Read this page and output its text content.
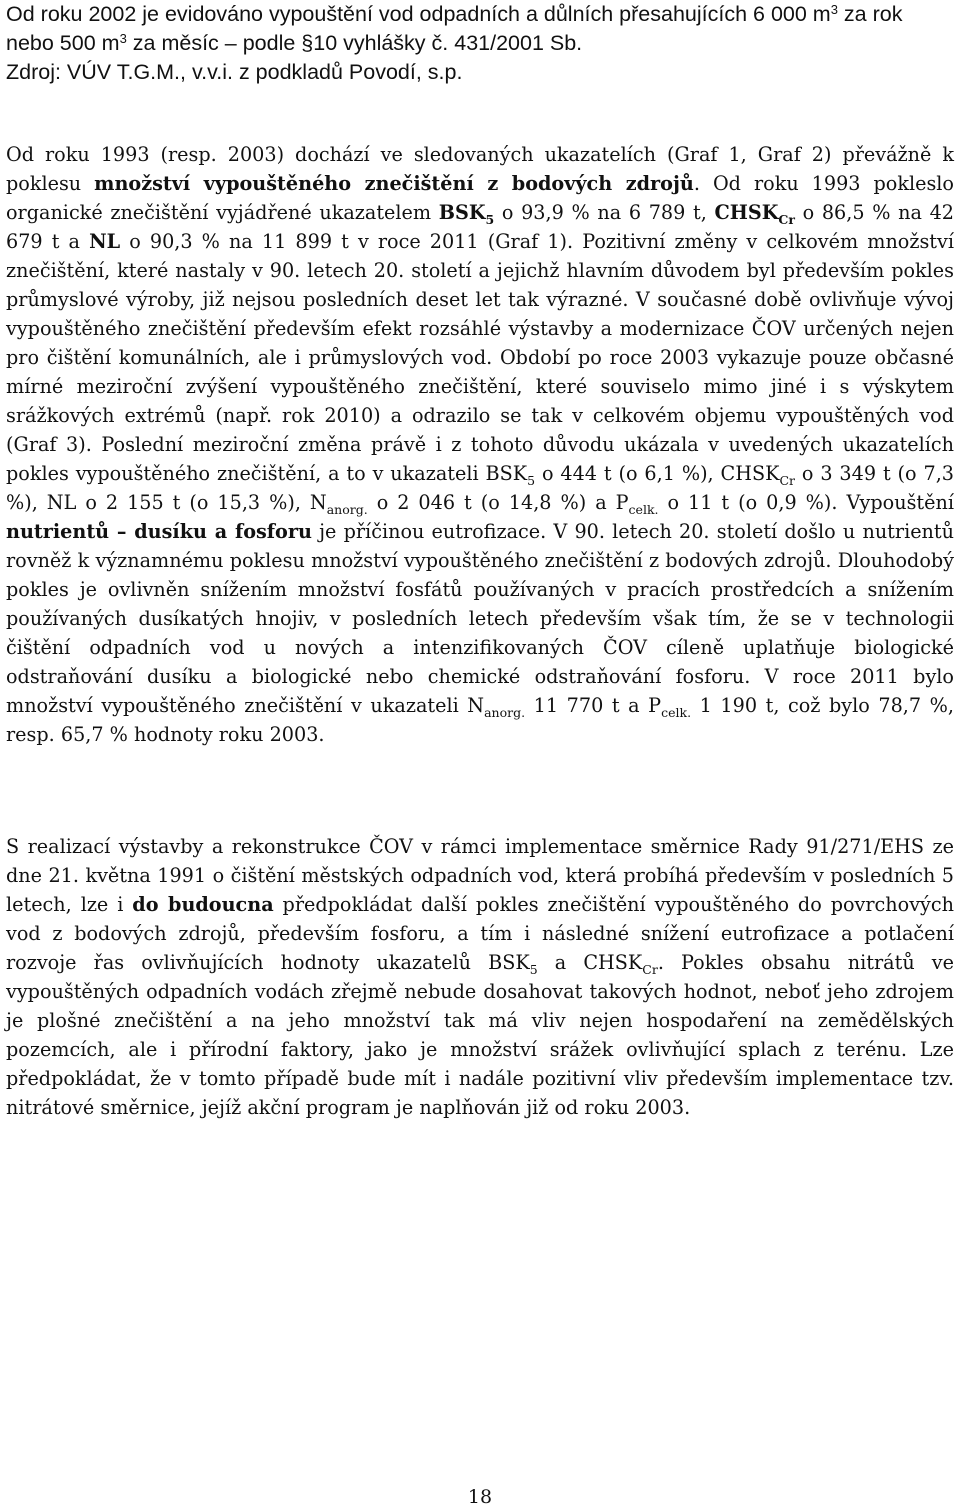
Od roku 2002 je evidováno vypouštění vod odpadních a důlních přesahujících 6 000 $m^3$ za rok nebo 500 $m^3$ za měsíc – podle §10 vyhlášky č. 431/2001 Sb.
Zdroj: VÚV T.G.M., v.v.i. z podkladů Povodí, s.p.

Od roku 1993 (resp. 2003) dochází ve sledovaných ukazatelích (Graf 1, Graf 2) převážně k poklesu množství vypouštěného znečištění z bodových zdrojů. Od roku 1993 pokleslo organické znečištění vyjádřené ukazatelem $BSK_5$ o 93,9 % na 6 789 t, $CHSK_{Cr}$ o 86,5 % na 42 679 t a NL o 90,3 % na 11 899 t v roce 2011 (Graf 1). Pozitivní změny v celkovém množství znečištění, které nastaly v 90. letech 20. století a jejichž hlavním důvodem byl především pokles průmyslové výroby, již nejsou posledních deset let tak výrazné. V současné době ovlivňuje vývoj vypouštěného znečištění především efekt rozsáhlé výstavby a modernizace ČOV určených nejen pro čištění komunálních, ale i průmyslových vod. Období po roce 2003 vykazuje pouze občasné mírné meziroční zvýšení vypouštěného znečištění, které souviselo mimo jiné i s výskytem srážkových extrémů (např. rok 2010) a odrazilo se tak v celkovém objemu vypouštěných vod (Graf 3). Poslední meziroční změna právě i z tohoto důvodu ukázala v uvedených ukazatelích pokles vypouštěného znečištění, a to v ukazateli $BSK_5$ o 444 t (o 6,1 %), $CHSK_{Cr}$ o 3 349 t (o 7,3 %), NL o 2 155 t (o 15,3 %), $N_{anorg.}$ o 2 046 t (o 14,8 %) a $P_{celk.}$ o 11 t (o 0,9 %). Vypouštění nutrientů – dusíku a fosforu je příčinou eutrofizace. V 90. letech 20. století došlo u nutrientů rovněž k významnému poklesu množství vypouštěného znečištění z bodových zdrojů. Dlouhodobý pokles je ovlivněn snížením množství fosfátů používaných v pracích prostředcích a snížením používaných dusíkatých hnojiv, v posledních letech především však tím, že se v technologii čištění odpadních vod u nových a intenzifikovaných ČOV cíleně uplatňuje biologické odstraňování dusíku a biologické nebo chemické odstraňování fosforu. V roce 2011 bylo množství vypouštěného znečištění v ukazateli $N_{anorg.}$ 11 770 t a $P_{celk.}$ 1 190 t, což bylo 78,7 %, resp. 65,7 % hodnoty roku 2003.

S realizací výstavby a rekonstrukce ČOV v rámci implementace směrnice Rady 91/271/EHS ze dne 21. května 1991 o čištění městských odpadních vod, která probíhá především v posledních 5 letech, lze i do budoucna předpokládat další pokles znečištění vypouštěného do povrchových vod z bodových zdrojů, především fosforu, a tím i následné snížení eutrofizace a potlačení rozvoje řas ovlivňujících hodnoty ukazatelů $BSK_5$ a $CHSK_{Cr}$. Pokles obsahu nitrátů ve vypouštěných odpadních vodách zřejmě nebude dosahovat takových hodnot, neboť jeho zdrojem je plošné znečištění a na jeho množství tak má vliv nejen hospodaření na zemědělských pozemcích, ale i přírodní faktory, jako je množství srážek ovlivňující splach z terénu. Lze předpokládat, že v tomto případě bude mít i nadále pozitivní vliv především implementace tzv. nitrátové směrnice, jejíž akční program je naplňován již od roku 2003.

18
